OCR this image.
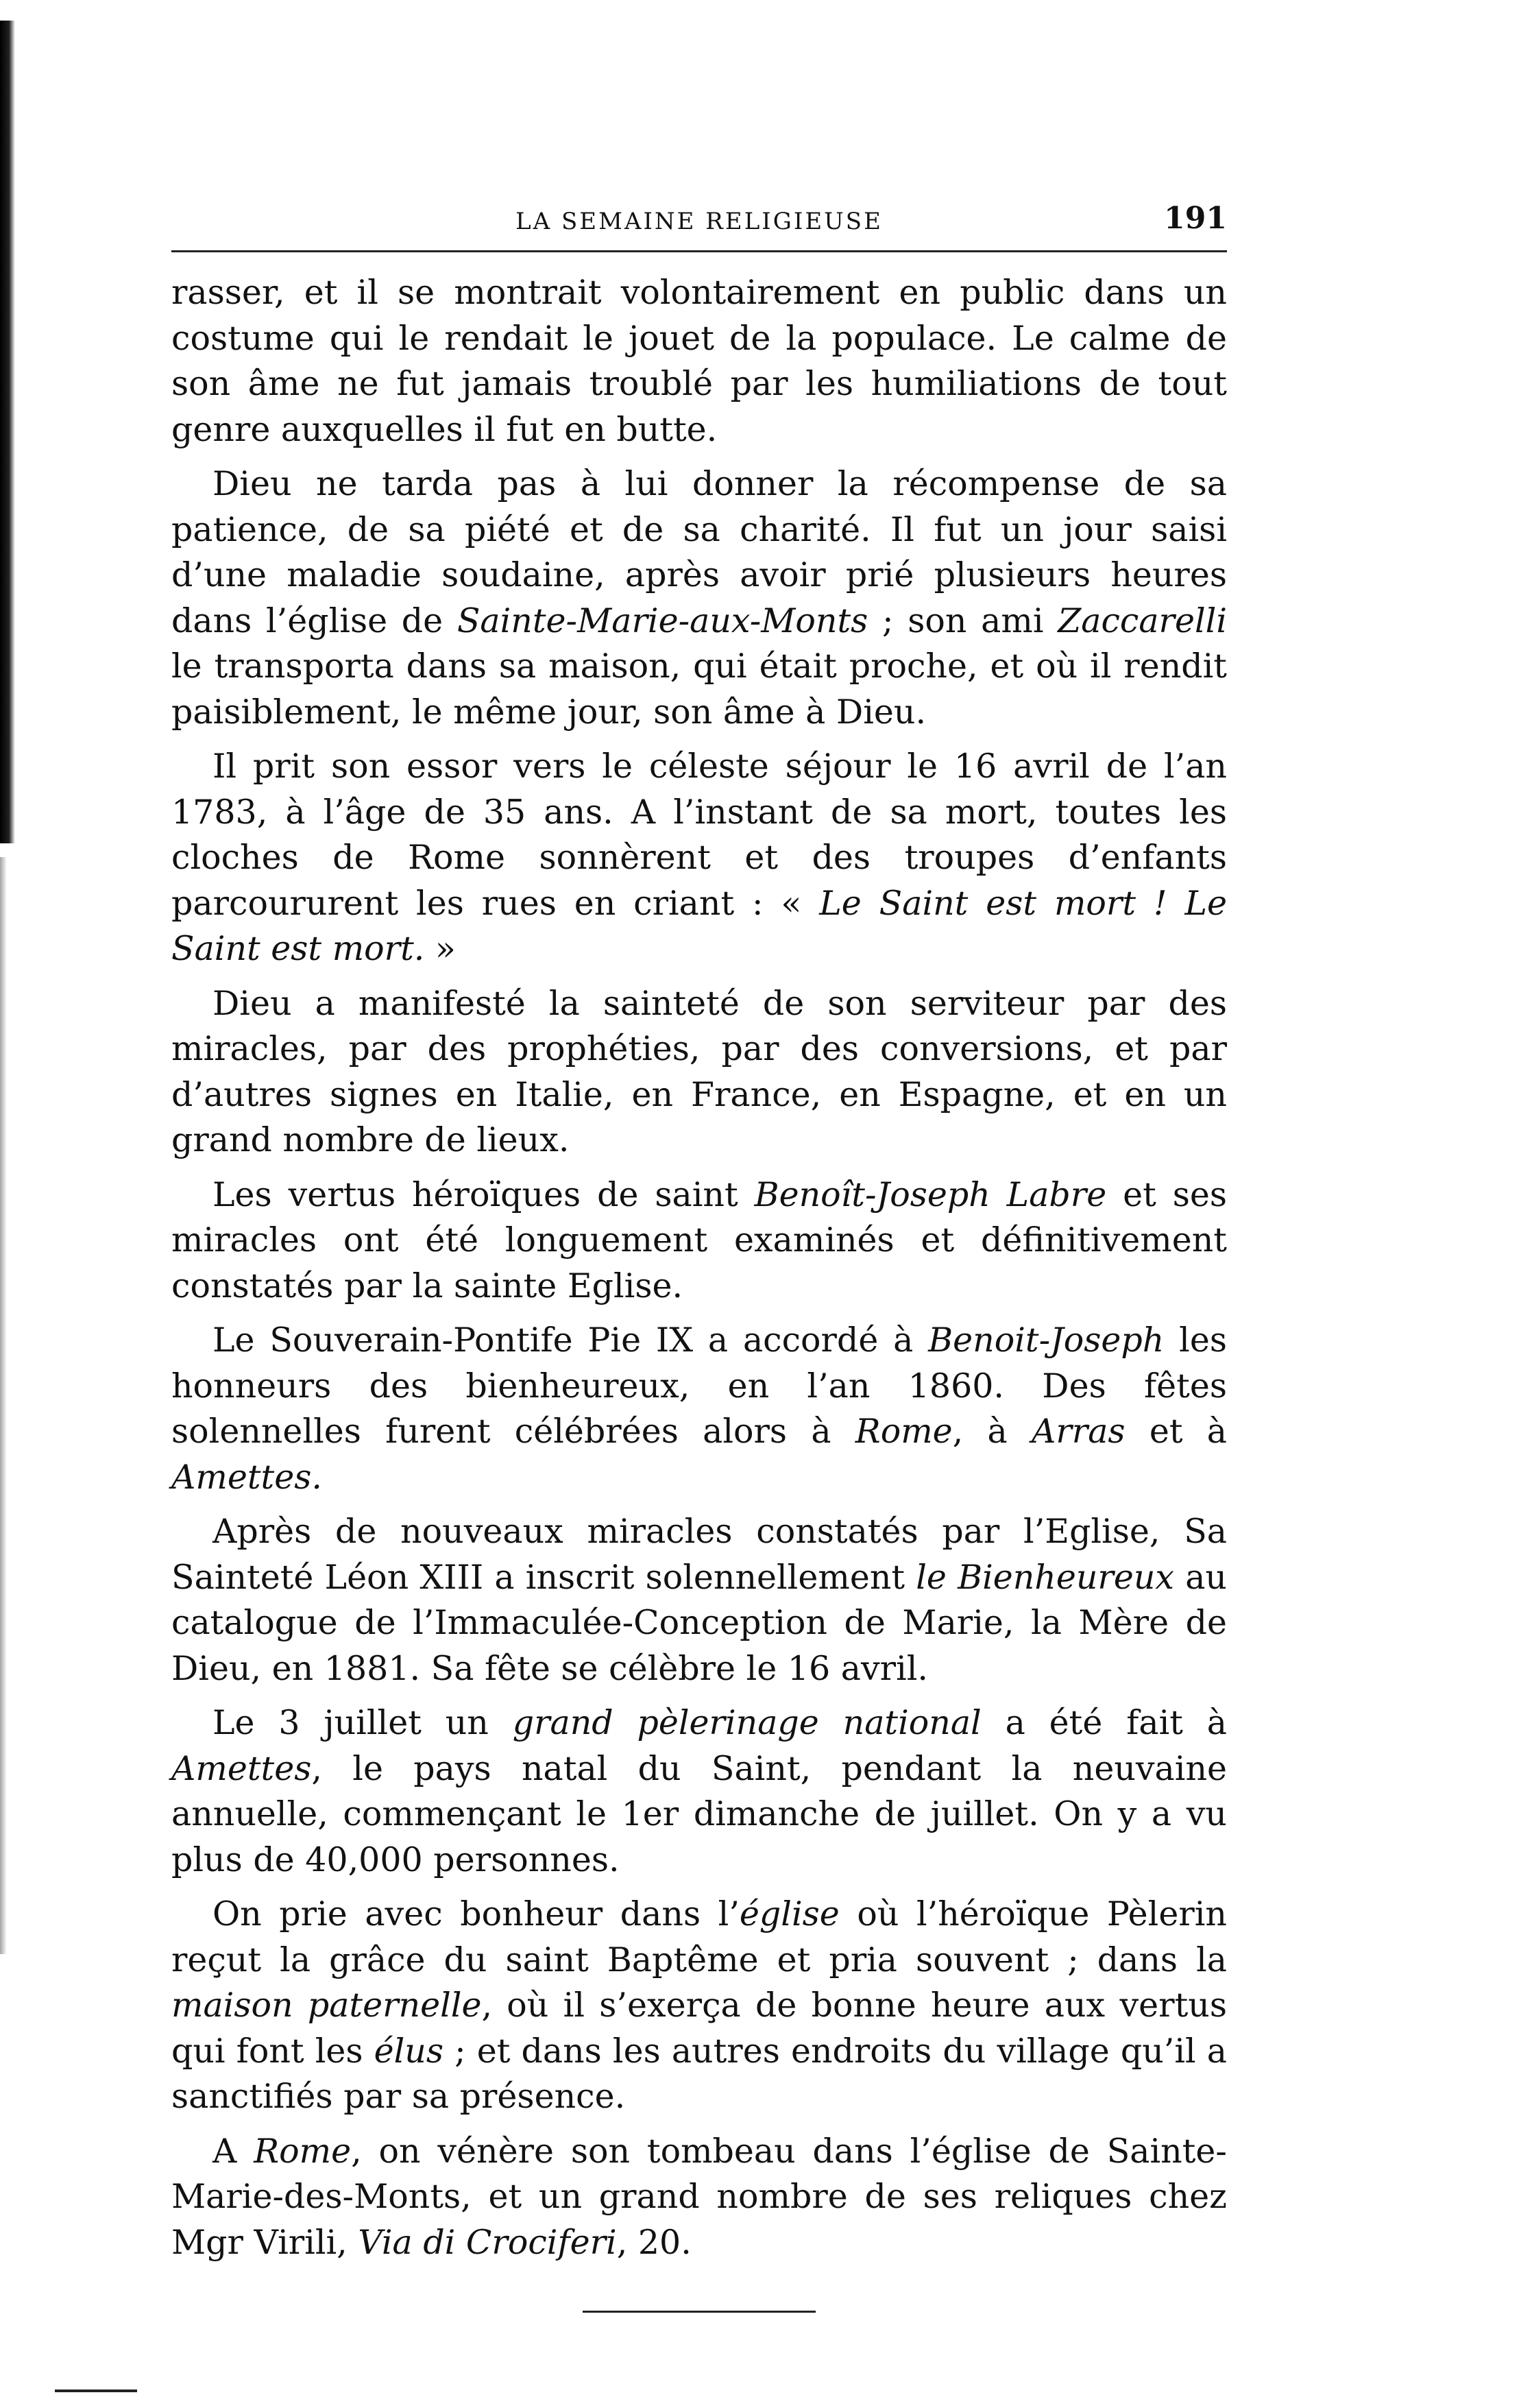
LA SEMAINE RELIGIEUSE	191

rasser, et il se montrait volontairement en public dans un costume qui le rendait le jouet de la populace. Le calme de son âme ne fut jamais troublé par les humiliations de tout genre auxquelles il fut en butte.

Dieu ne tarda pas à lui donner la récompense de sa patience, de sa piété et de sa charité. Il fut un jour saisi d’une maladie soudaine, après avoir prié plusieurs heures dans l’église de Sainte-Marie-aux-Monts ; son ami Zaccarelli le transporta dans sa maison, qui était proche, et où il rendit paisiblement, le même jour, son âme à Dieu.

Il prit son essor vers le céleste séjour le 16 avril de l’an 1783, à l’âge de 35 ans. A l’instant de sa mort, toutes les cloches de Rome sonnèrent et des troupes d’enfants parcoururent les rues en criant : « Le Saint est mort ! Le Saint est mort. »

Dieu a manifesté la sainteté de son serviteur par des miracles, par des prophéties, par des conversions, et par d’autres signes en Italie, en France, en Espagne, et en un grand nombre de lieux.

Les vertus héroïques de saint Benoît-Joseph Labre et ses miracles ont été longuement examinés et définitivement constatés par la sainte Eglise.

Le Souverain-Pontife Pie IX a accordé à Benoit-Joseph les honneurs des bienheureux, en l’an 1860. Des fêtes solennelles furent célébrées alors à Rome, à Arras et à Amettes.

Après de nouveaux miracles constatés par l’Eglise, Sa Sainteté Léon XIII a inscrit solennellement le Bienheureux au catalogue de l’Immaculée-Conception de Marie, la Mère de Dieu, en 1881. Sa fête se célèbre le 16 avril.

Le 3 juillet un grand pèlerinage national a été fait à Amettes, le pays natal du Saint, pendant la neuvaine annuelle, commençant le 1er dimanche de juillet. On y a vu plus de 40,000 personnes.

On prie avec bonheur dans l’église où l’héroïque Pèlerin reçut la grâce du saint Baptême et pria souvent ; dans la maison paternelle, où il s’exerça de bonne heure aux vertus qui font les élus ; et dans les autres endroits du village qu’il a sanctifiés par sa présence.

A Rome, on vénère son tombeau dans l’église de Sainte-Marie-des-Monts, et un grand nombre de ses reliques chez Mgr Virili, Via di Crociferi, 20.
